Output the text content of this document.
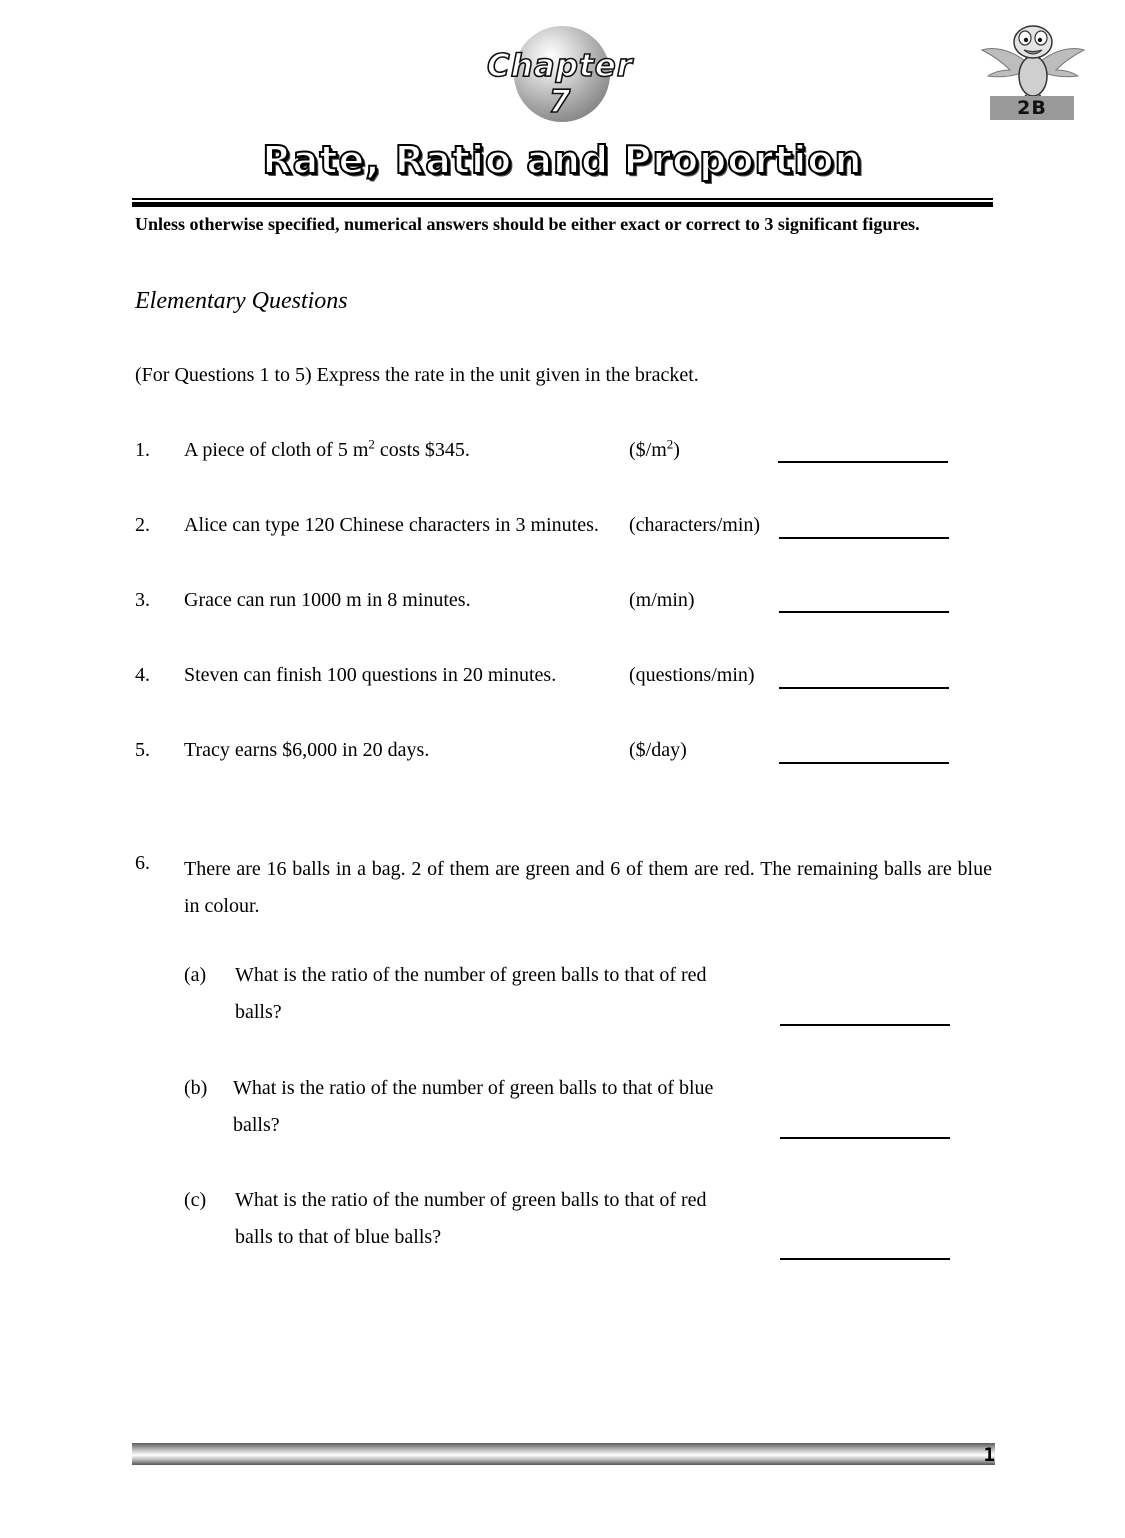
Chapter 7	2B
Rate, Ratio and Proportion
Unless otherwise specified, numerical answers should be either exact or correct to 3 significant figures.
Elementary Questions
(For Questions 1 to 5) Express the rate in the unit given in the bracket.
1. A piece of cloth of 5 $m^2$ costs $345.	$(\$/m^2)$
2. Alice can type 120 Chinese characters in 3 minutes. (characters/min)
3. Grace can run 1000 m in 8 minutes.	(m/min)
4. Steven can finish 100 questions in 20 minutes.	(questions/min)
5. Tracy earns $6,000 in 20 days.	($/day)
6. There are 16 balls in a bag. 2 of them are green and 6 of them are red. The remaining balls are blue in colour.
(a) What is the ratio of the number of green balls to that of red
balls?
(b) What is the ratio of the number of green balls to that of blue
balls?
(c) What is the ratio of the number of green balls to that of red
balls to that of blue balls?
1
